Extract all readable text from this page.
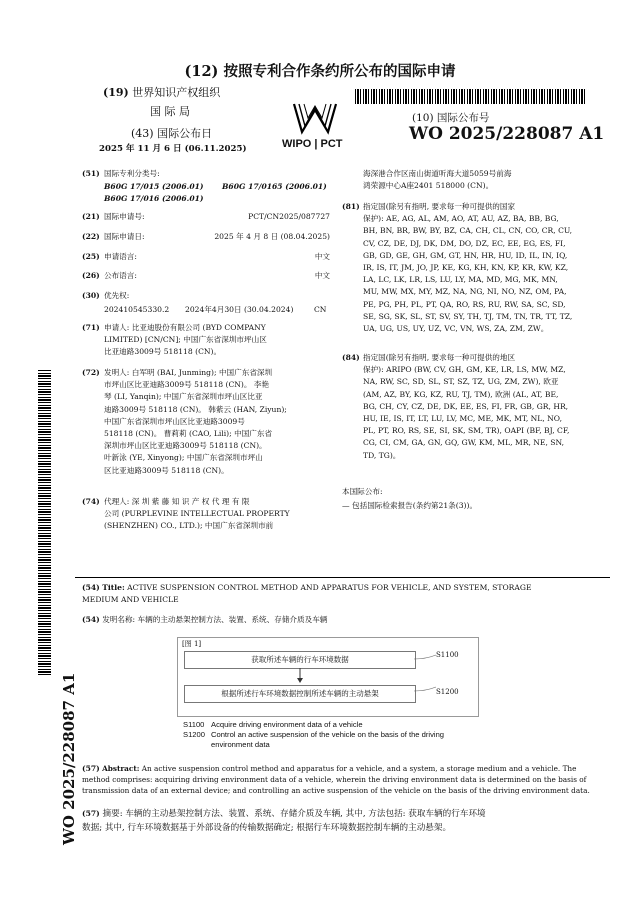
(12) 按照专利合作条约所公布的国际申请
(19) 世界知识产权组织
国 际 局
(43) 国际公布日
2025 年 11 月 6 日 (06.11.2025)	WIPO | PCT
(10) 国际公布号
WO 2025/228087 A1
WO 2025/228087 A1
(51) 国际专利分类号:
B60G 17/015 (2006.01) B60G 17/0165 (2006.01)
B60G 17/016 (2006.01)
(21) 国际申请号:	PCT/CN2025/087727
(22) 国际申请日:	2025 年 4 月 8 日 (08.04.2025)
(25) 申请语言:	中文
(26) 公布语言:	中文
(30) 优先权:
202410545330.2 2024年4月30日 (30.04.2024)	CN
(71) 申请人: 比亚迪股份有限公司 (BYD COMPANY
LIMITED) [CN/CN]; 中国广东省深圳市坪山区
比亚迪路3009号 518118 (CN)。
(72) 发明人: 白军明 (BAI, Junming); 中国广东省深圳
市坪山区比亚迪路3009号 518118 (CN)。 李艳
琴 (LI, Yanqin); 中国广东省深圳市坪山区比亚
迪路3009号 518118 (CN)。 韩紫云 (HAN, Ziyun);
中国广东省深圳市坪山区比亚迪路3009号
518118 (CN)。 曹莉莉 (CAO, Lili); 中国广东省
深圳市坪山区比亚迪路3009号 518118 (CN)。
叶新泳 (YE, Xinyong); 中国广东省深圳市坪山
区比亚迪路3009号 518118 (CN)。
(74) 代理人: 深 圳 紫 藤 知 识 产 权 代 理 有 限
公司 (PURPLEVINE INTELLECTUAL PROPERTY
(SHENZHEN) CO., LTD.); 中国广东省深圳市前
海深港合作区南山街道听海大道5059号前海
鸿荣源中心A座2401 518000 (CN)。
(81) 指定国(除另有指明, 要求每一种可提供的国家
保护): AE, AG, AL, AM, AO, AT, AU, AZ, BA, BB, BG,
BH, BN, BR, BW, BY, BZ, CA, CH, CL, CN, CO, CR, CU,
CV, CZ, DE, DJ, DK, DM, DO, DZ, EC, EE, EG, ES, FI,
GB, GD, GE, GH, GM, GT, HN, HR, HU, ID, IL, IN, IQ,
IR, IS, IT, JM, JO, JP, KE, KG, KH, KN, KP, KR, KW, KZ,
LA, LC, LK, LR, LS, LU, LY, MA, MD, MG, MK, MN,
MU, MW, MX, MY, MZ, NA, NG, NI, NO, NZ, OM, PA,
PE, PG, PH, PL, PT, QA, RO, RS, RU, RW, SA, SC, SD,
SE, SG, SK, SL, ST, SV, SY, TH, TJ, TM, TN, TR, TT, TZ,
UA, UG, US, UY, UZ, VC, VN, WS, ZA, ZM, ZW。
(84) 指定国(除另有指明, 要求每一种可提供的地区
保护): ARIPO (BW, CV, GH, GM, KE, LR, LS, MW, MZ,
NA, RW, SC, SD, SL, ST, SZ, TZ, UG, ZM, ZW), 欧亚
(AM, AZ, BY, KG, KZ, RU, TJ, TM), 欧洲 (AL, AT, BE,
BG, CH, CY, CZ, DE, DK, EE, ES, FI, FR, GB, GR, HR,
HU, IE, IS, IT, LT, LU, LV, MC, ME, MK, MT, NL, NO,
PL, PT, RO, RS, SE, SI, SK, SM, TR), OAPI (BF, BJ, CF,
CG, CI, CM, GA, GN, GQ, GW, KM, ML, MR, NE, SN,
TD, TG)。
本国际公布:
— 包括国际检索报告(条约第21条(3))。
(54) Title: ACTIVE SUSPENSION CONTROL METHOD AND APPARATUS FOR VEHICLE, AND SYSTEM, STORAGE
MEDIUM AND VEHICLE
(54) 发明名称: 车辆的主动悬架控制方法、装置、系统、存储介质及车辆
[图 1]
获取所述车辆的行车环境数据	S1100
根据所述行车环境数据控制所述车辆的主动悬架	S1200
S1100 Acquire driving environment data of a vehicle
S1200 Control an active suspension of the vehicle on the basis of the driving
environment data
(57) Abstract: An active suspension control method and apparatus for a vehicle, and a system, a storage medium and a vehicle. The
method comprises: acquiring driving environment data of a vehicle, wherein the driving environment data is determined on the basis of
transmission data of an external device; and controlling an active suspension of the vehicle on the basis of the driving environment data.
(57) 摘要: 车辆的主动悬架控制方法、装置、系统、存储介质及车辆, 其中, 方法包括: 获取车辆的行车环境
数据; 其中, 行车环境数据基于外部设备的传输数据确定; 根据行车环境数据控制车辆的主动悬架。
